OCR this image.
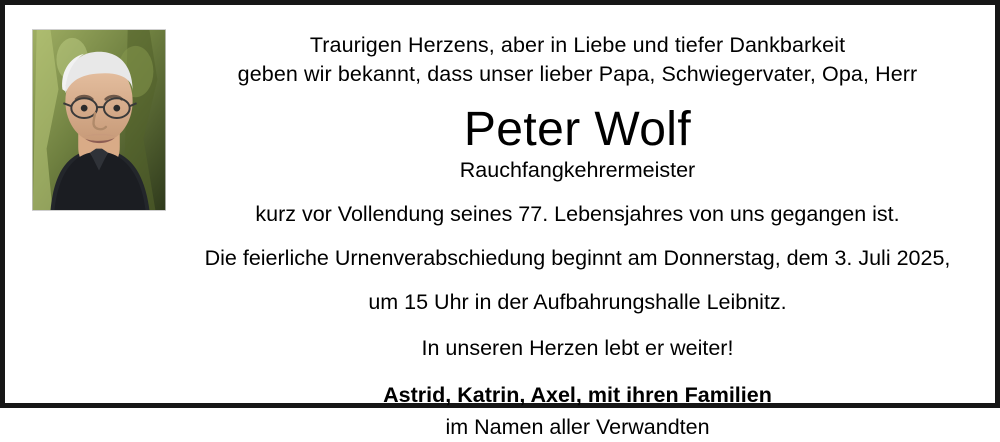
Traurigen Herzens, aber in Liebe und tiefer Dankbarkeit
geben wir bekannt, dass unser lieber Papa, Schwiegervater, Opa, Herr
Peter Wolf
Rauchfangkehrermeister
kurz vor Vollendung seines 77. Lebensjahres von uns gegangen ist.
Die feierliche Urnenverabschiedung beginnt am Donnerstag, dem 3. Juli 2025,
um 15 Uhr in der Aufbahrungshalle Leibnitz.
In unseren Herzen lebt er weiter!
Astrid, Katrin, Axel, mit ihren Familien
im Namen aller Verwandten
